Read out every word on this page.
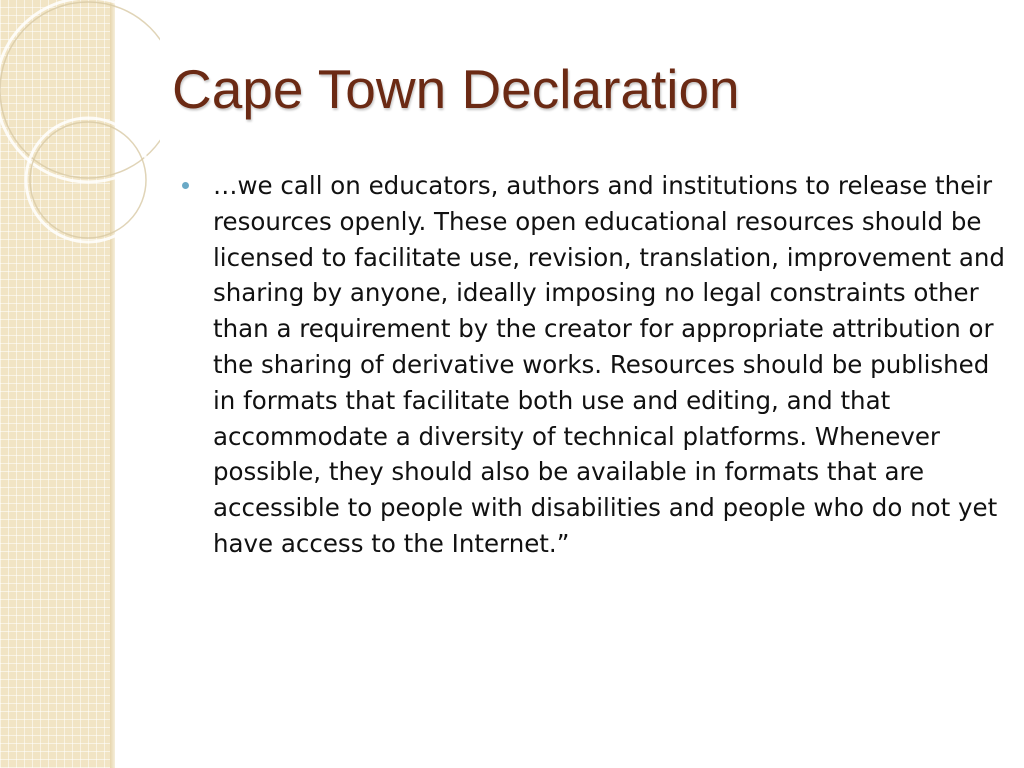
Cape Town Declaration

…we call on educators, authors and institutions to release their resources openly. These open educational resources should be licensed to facilitate use, revision, translation, improvement and sharing by anyone, ideally imposing no legal constraints other than a requirement by the creator for appropriate attribution or the sharing of derivative works. Resources should be published in formats that facilitate both use and editing, and that accommodate a diversity of technical platforms. Whenever possible, they should also be available in formats that are accessible to people with disabilities and people who do not yet have access to the Internet.”
